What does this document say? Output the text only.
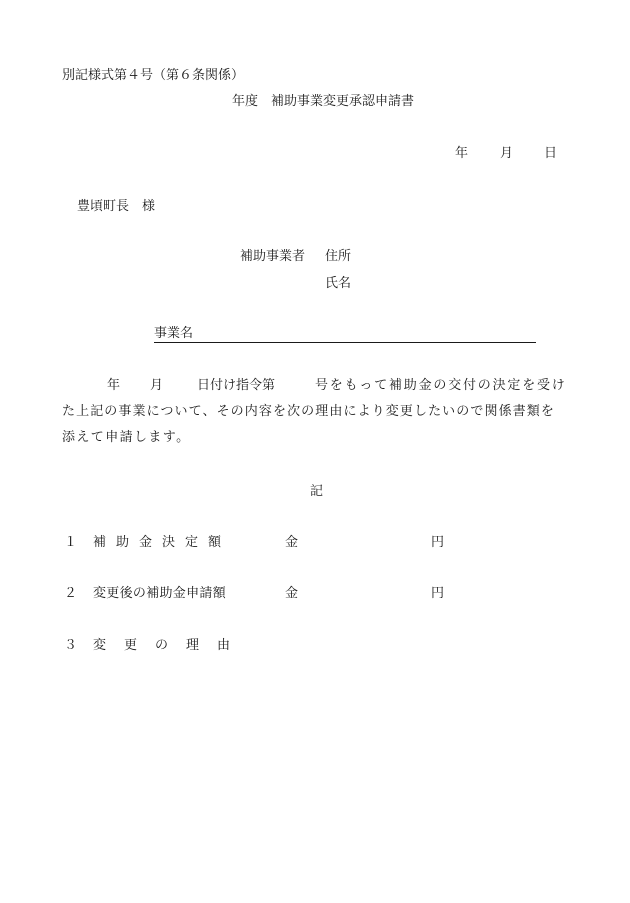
別記様式第４号（第６条関係）
年度　補助事業変更承認申請書
年 月 日
豊頃町長　様
補助事業者 住所
氏名
事業名
年 月	日付け指令第	号をもって補助金の交付の決定を受け
た上記の事業について、その内容を次の理由により変更したいので関係書類を
添えて申請します。
記
１ 補助金決定額	金	円
２ 変更後の補助金申請額	金	円
３ 変更の理由
